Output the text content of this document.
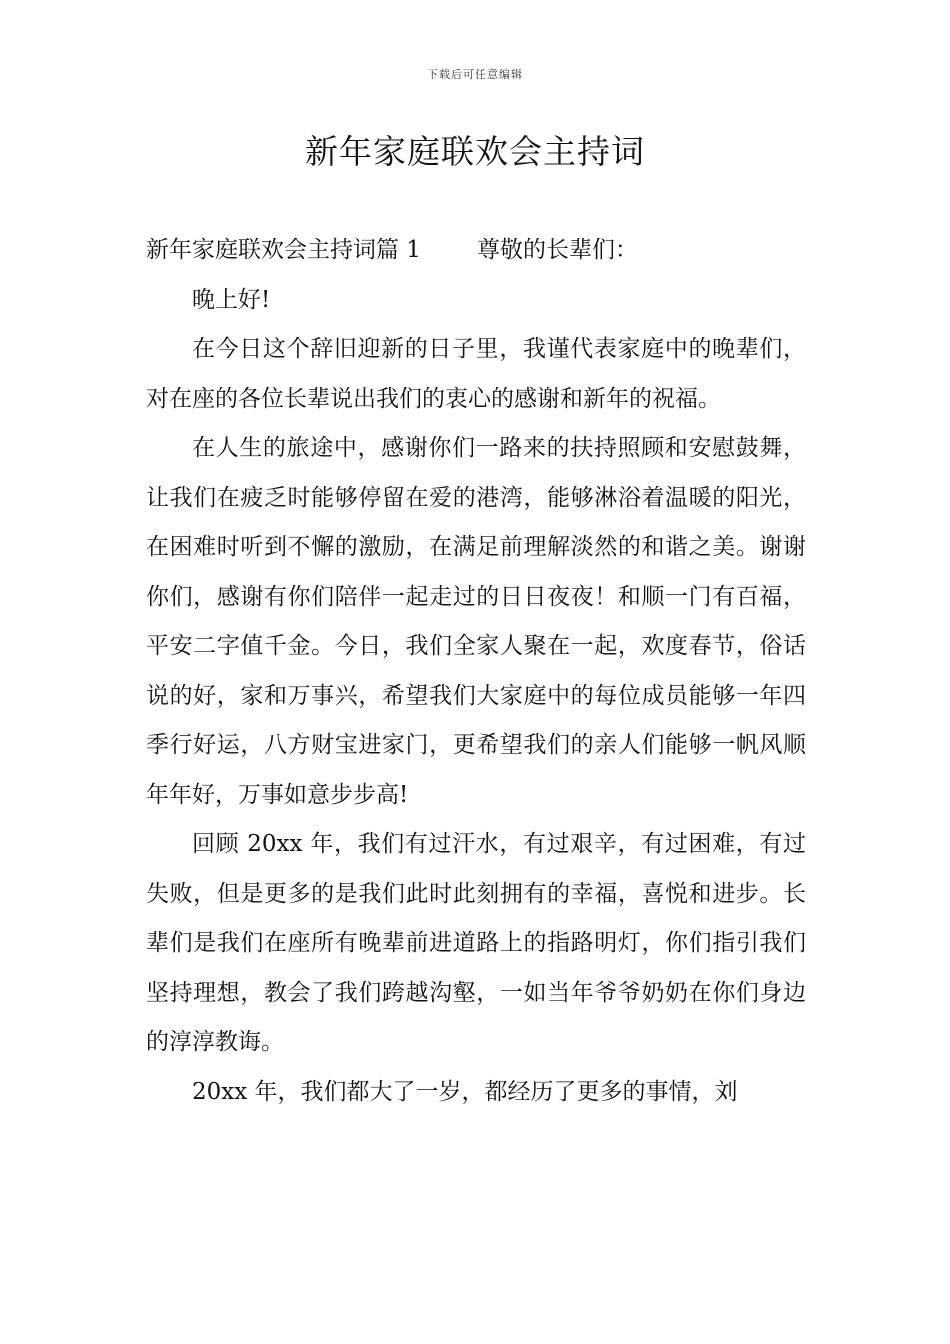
下载后可任意编辑
新年家庭联欢会主持词

新年家庭联欢会主持词篇 1 尊敬的长辈们：

晚上好!

在今日这个辞旧迎新的日子里，我谨代表家庭中的晚辈们，对在座的各位长辈说出我们的衷心的感谢和新年的祝福。

在人生的旅途中，感谢你们一路来的扶持照顾和安慰鼓舞，让我们在疲乏时能够停留在爱的港湾，能够淋浴着温暖的阳光，在困难时听到不懈的激励，在满足前理解淡然的和谐之美。谢谢你们，感谢有你们陪伴一起走过的日日夜夜！和顺一门有百福，平安二字值千金。今日，我们全家人聚在一起，欢度春节，俗话说的好，家和万事兴，希望我们大家庭中的每位成员能够一年四季行好运，八方财宝进家门，更希望我们的亲人们能够一帆风顺年年好，万事如意步步高!

回顾 20xx 年，我们有过汗水，有过艰辛，有过困难，有过失败，但是更多的是我们此时此刻拥有的幸福，喜悦和进步。长辈们是我们在座所有晚辈前进道路上的指路明灯，你们指引我们坚持理想，教会了我们跨越沟壑，一如当年爷爷奶奶在你们身边的淳淳教诲。

20xx 年，我们都大了一岁，都经历了更多的事情，刘
